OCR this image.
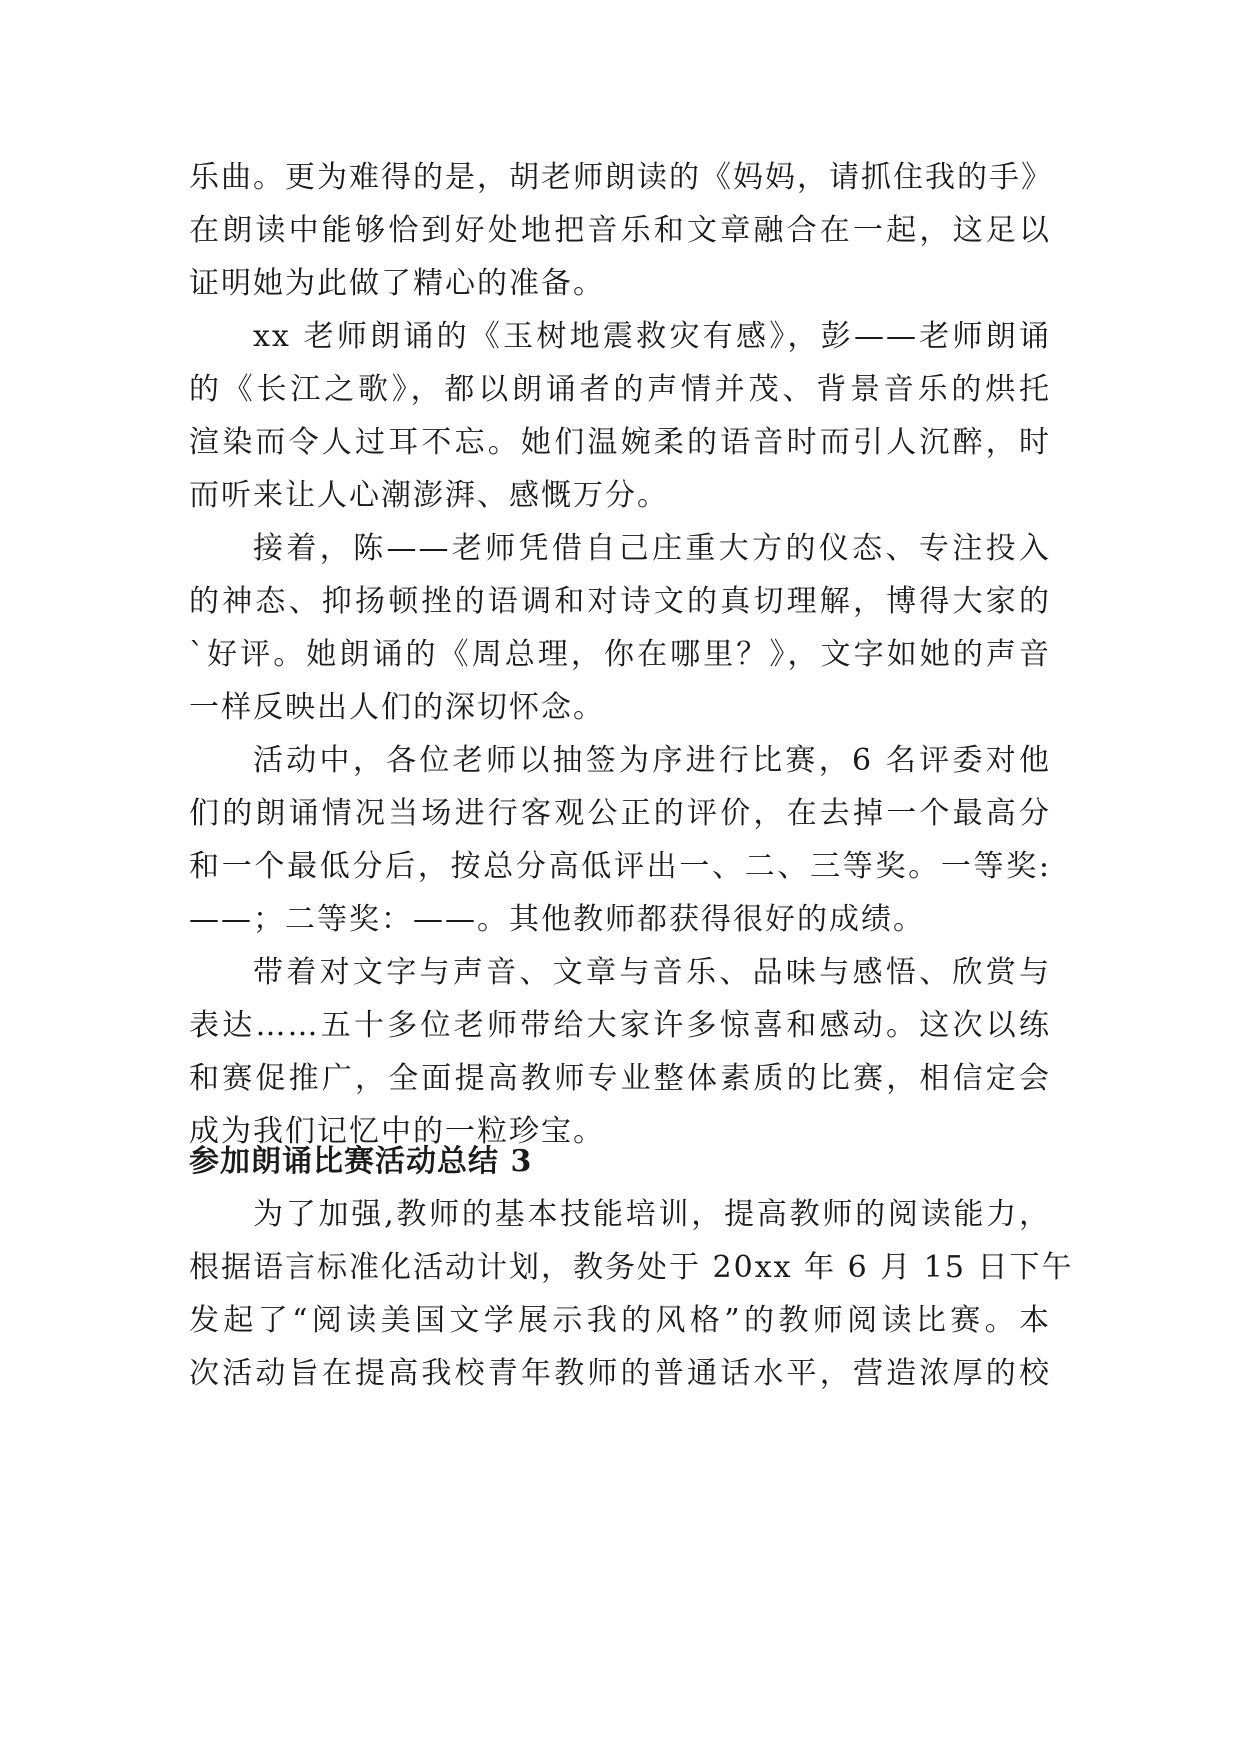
乐曲。更为难得的是，胡老师朗读的《妈妈，请抓住我的手》

在朗读中能够恰到好处地把音乐和文章融合在一起，这足以

证明她为此做了精心的准备。

xx 老师朗诵的《玉树地震救灾有感》，彭——老师朗诵

的《长江之歌》，都以朗诵者的声情并茂、背景音乐的烘托

渲染而令人过耳不忘。她们温婉柔的语音时而引人沉醉，时

而听来让人心潮澎湃、感慨万分。

接着，陈——老师凭借自己庄重大方的仪态、专注投入

的神态、抑扬顿挫的语调和对诗文的真切理解，博得大家的

`好评。她朗诵的《周总理，你在哪里？》，文字如她的声音

一样反映出人们的深切怀念。

活动中，各位老师以抽签为序进行比赛，6 名评委对他

们的朗诵情况当场进行客观公正的评价，在去掉一个最高分

和一个最低分后，按总分高低评出一、二、三等奖。一等奖:

——；二等奖：——。其他教师都获得很好的成绩。

带着对文字与声音、文章与音乐、品味与感悟、欣赏与

表达……五十多位老师带给大家许多惊喜和感动。这次以练

和赛促推广，全面提高教师专业整体素质的比赛，相信定会

成为我们记忆中的一粒珍宝。

参加朗诵比赛活动总结 3

为了加强,教师的基本技能培训，提高教师的阅读能力，

根据语言标准化活动计划，教务处于 20xx 年 6 月 15 日下午

发起了“阅读美国文学展示我的风格”的教师阅读比赛。本

次活动旨在提高我校青年教师的普通话水平，营造浓厚的校
